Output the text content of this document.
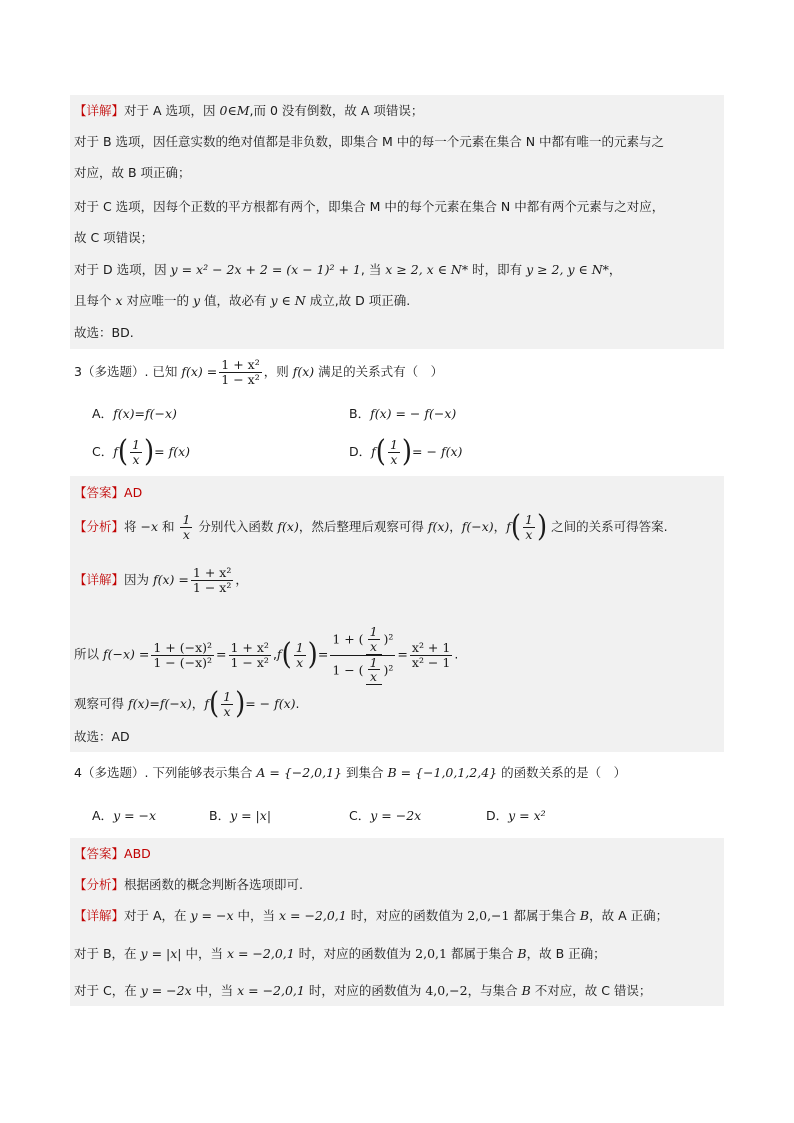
【详解】对于 A 选项，因 0∈M,而 0 没有倒数，故 A 项错误；
对于 B 选项，因任意实数的绝对值都是非负数，即集合 M 中的每一个元素在集合 N 中都有唯一的元素与之
对应，故 B 项正确；
对于 C 选项，因每个正数的平方根都有两个，即集合 M 中的每个元素在集合 N 中都有两个元素与之对应，
故 C 项错误；
对于 D 选项，因 y = x² − 2x + 2 = (x − 1)² + 1, 当 x ≥ 2, x ∈ N* 时，即有 y ≥ 2, y ∈ N*，
且每个 x 对应唯一的 y 值，故必有 y ∈ N 成立,故 D 项正确.
故选：BD.
3（多选题）. 已知 $f(x) = \frac{\text{1 + x²}}{\text{1 − x²}}$ ，则 f(x) 满足的关系式有（　）
A．f(x)=f(−x)	B．f(x) = − f(−x)
C．$f( \frac{1}{x}$ )= f(x)	D．$f( \frac{1}{x}$ )= − f(x)
【答案】AD
【分析】将 −x 和 $\frac{1}{x}$ 分别代入函数 f(x)，然后整理后观察可得 f(x)，f(−x)，$f( \frac{1}{x}$ ) 之间的关系可得答案.
【详解】因为 $f(x) = \frac{\text{1 + x²}}{\text{1 − x²}}$ ，
所以 $f(-x) = \frac{\text{1 + (−x)²}}{\text{1 − (−x)²}} = \frac{\text{1 + x²}}{\text{1 − x²}} ,f( \frac{1}{x}$ )= $\frac{1 + ( \frac{1}{x} )^2}{1 - ( \frac{1}{x} )^2} = \frac{\text{x² + 1}}{\text{x² − 1}}$ .
观察可得 f(x)=f(−x)，$f( \frac{1}{x}$ )= − f(x).
故选：AD
4（多选题）. 下列能够表示集合 A = {−2,0,1} 到集合 B = {−1,0,1,2,4} 的函数关系的是（　）
A．y = −x	B．y = |x|	C．y = −2x	D．y = x²
【答案】ABD
【分析】根据函数的概念判断各选项即可.
【详解】对于 A，在 y = −x 中，当 x = −2,0,1 时，对应的函数值为 2,0,−1 都属于集合 B，故 A 正确；
对于 B，在 y = |x| 中，当 x = −2,0,1 时，对应的函数值为 2,0,1 都属于集合 B，故 B 正确；
对于 C，在 y = −2x 中，当 x = −2,0,1 时，对应的函数值为 4,0,−2，与集合 B 不对应，故 C 错误；
